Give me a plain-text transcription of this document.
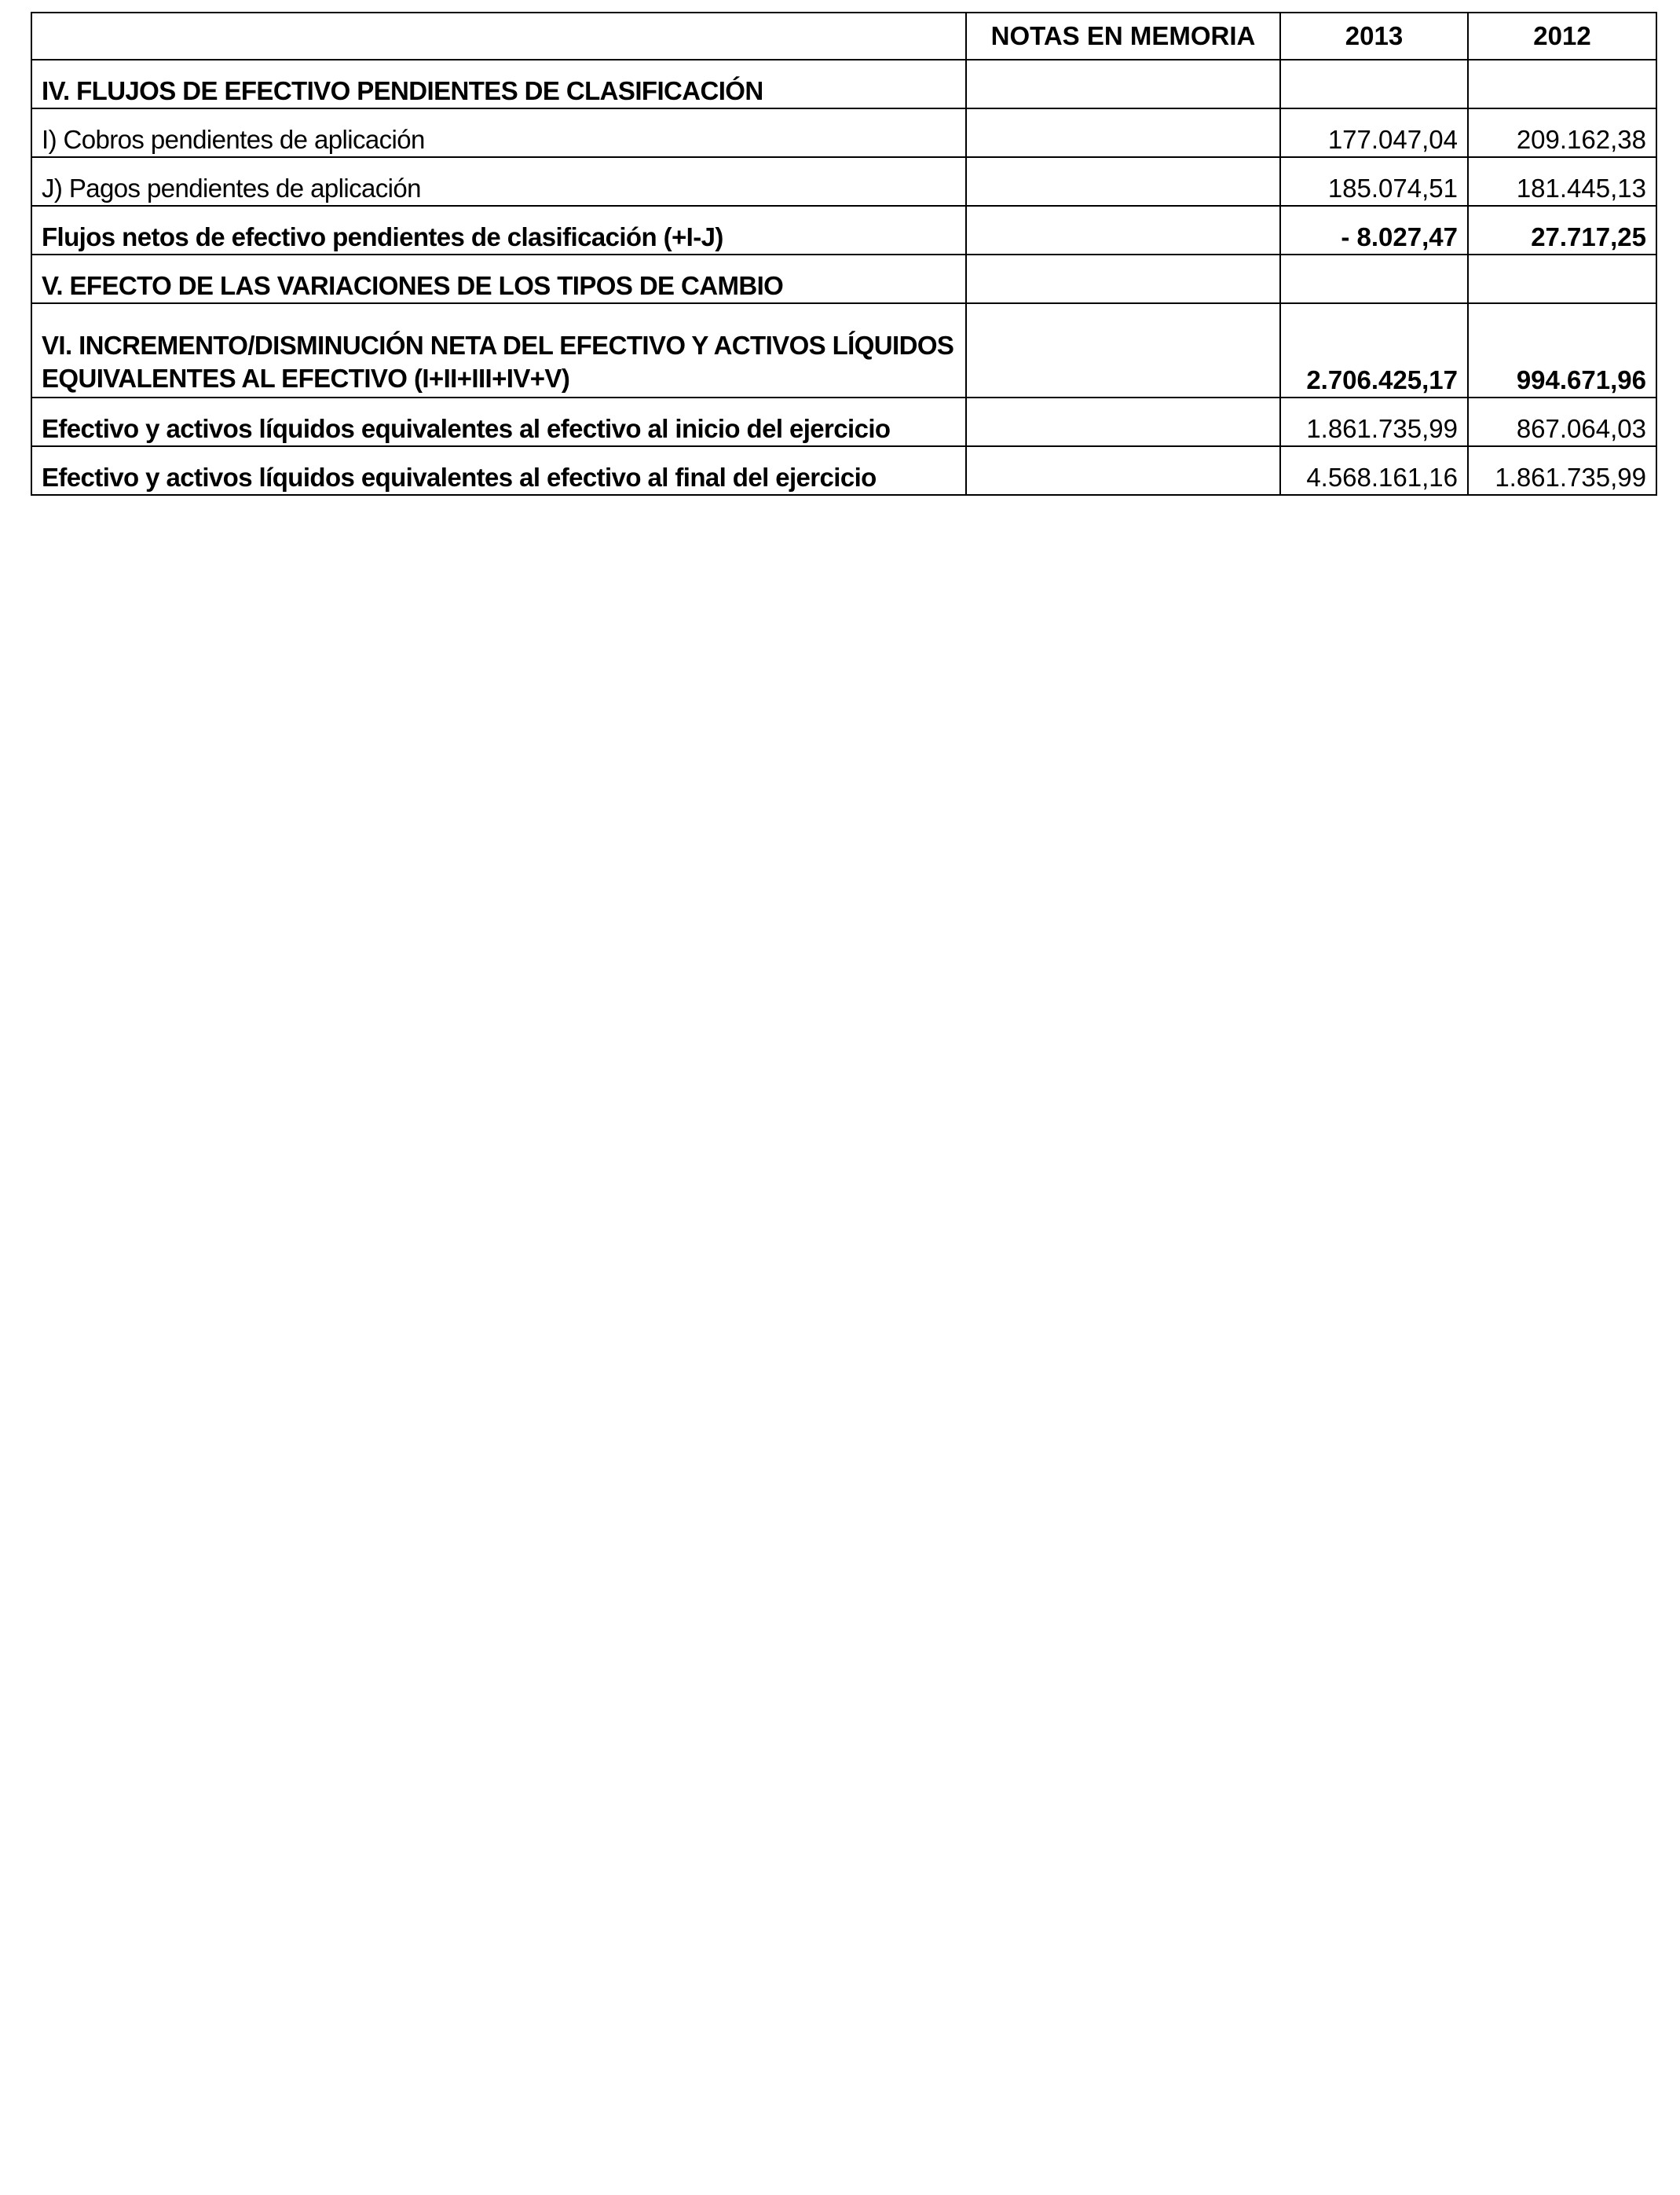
	NOTAS EN MEMORIA	2013	2012
IV. FLUJOS DE EFECTIVO PENDIENTES DE CLASIFICACIÓN			
I) Cobros pendientes de aplicación		177.047,04	209.162,38
J) Pagos pendientes de aplicación		185.074,51	181.445,13
Flujos netos de efectivo pendientes de clasificación (+I-J)		- 8.027,47	27.717,25
V. EFECTO DE LAS VARIACIONES DE LOS TIPOS DE CAMBIO			

VI. INCREMENTO/DISMINUCIÓN NETA DEL EFECTIVO Y ACTIVOS LÍQUIDOS
EQUIVALENTES AL EFECTIVO (I+II+III+IV+V)		2.706.425,17	994.671,96
Efectivo y activos líquidos equivalentes al efectivo al inicio del ejercicio		1.861.735,99	867.064,03
Efectivo y activos líquidos equivalentes al efectivo al final del ejercicio		4.568.161,16	1.861.735,99
